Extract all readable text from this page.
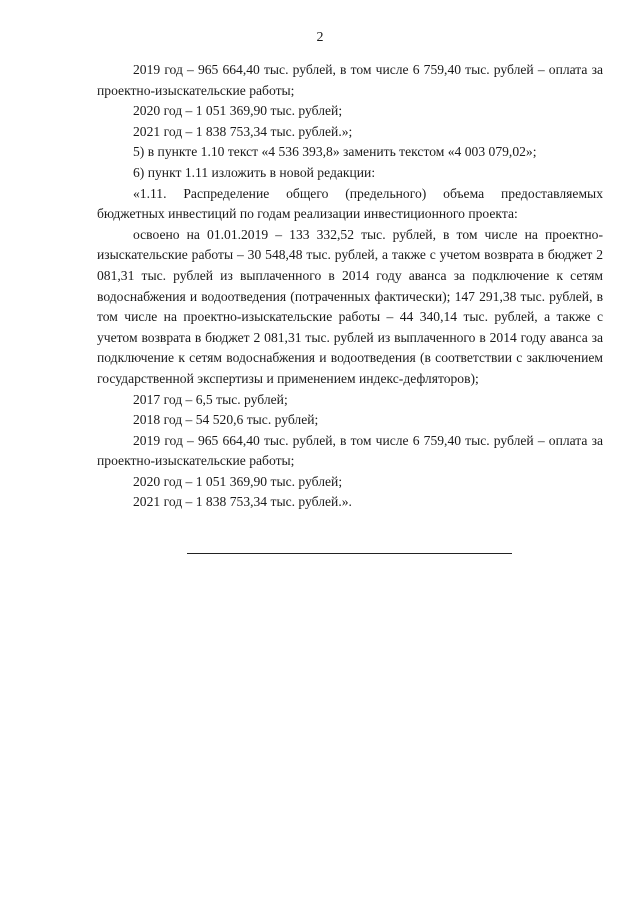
2

2019 год – 965 664,40 тыс. рублей, в том числе 6 759,40 тыс. рублей – оплата за проектно-изыскательские работы;

2020 год – 1 051 369,90 тыс. рублей;

2021 год – 1 838 753,34 тыс. рублей.»;

5) в пункте 1.10 текст «4 536 393,8» заменить текстом «4 003 079,02»;

6) пункт 1.11 изложить в новой редакции:

«1.11. Распределение общего (предельного) объема предоставляемых бюджетных инвестиций по годам реализации инвестиционного проекта:

освоено на 01.01.2019 – 133 332,52 тыс. рублей, в том числе на проектно-изыскательские работы – 30 548,48 тыс. рублей, а также с учетом возврата в бюджет 2 081,31 тыс. рублей из выплаченного в 2014 году аванса за подключение к сетям водоснабжения и водоотведения (потраченных фактически); 147 291,38 тыс. рублей, в том числе на проектно-изыскательские работы – 44 340,14 тыс. рублей, а также с учетом возврата в бюджет 2 081,31 тыс. рублей из выплаченного в 2014 году аванса за подключение к сетям водоснабжения и водоотведения (в соответствии с заключением государственной экспертизы и применением индекс-дефляторов);

2017 год – 6,5 тыс. рублей;

2018 год – 54 520,6 тыс. рублей;

2019 год – 965 664,40 тыс. рублей, в том числе 6 759,40 тыс. рублей – оплата за проектно-изыскательские работы;

2020 год – 1 051 369,90 тыс. рублей;

2021 год – 1 838 753,34 тыс. рублей.».
